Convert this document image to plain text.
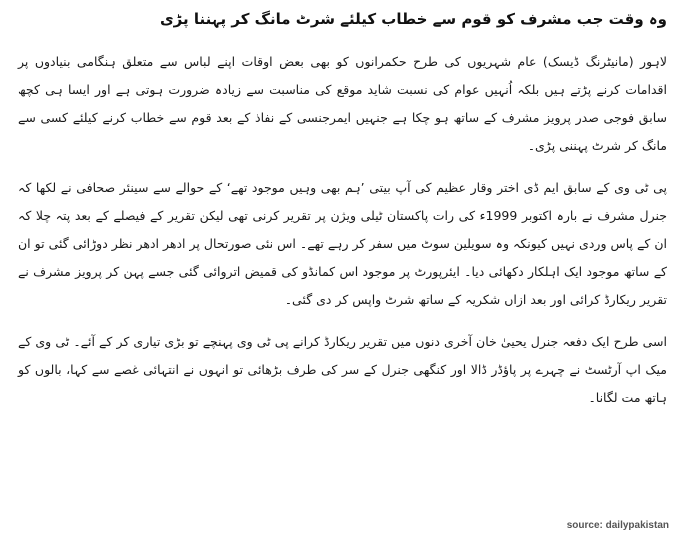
وہ وقت جب مشرف کو قوم سے خطاب کیلئے شرٹ مانگ کر پہننا پڑی

لاہور (مانیٹرنگ ڈیسک) عام شہریوں کی طرح حکمرانوں کو بھی بعض اوقات اپنے لباس سے متعلق ہنگامی بنیادوں پر اقدامات کرنے پڑتے ہیں بلکہ اُنہیں عوام کی نسبت شاید موقع کی مناسبت سے زیادہ ضرورت ہوتی ہے اور ایسا ہی کچھ سابق فوجی صدر پرویز مشرف کے ساتھ ہو چکا ہے جنہیں ایمرجنسی کے نفاذ کے بعد قوم سے خطاب کرنے کیلئے کسی سے مانگ کر شرٹ پہننی پڑی۔

پی ٹی وی کے سابق ایم ڈی اختر وقار عظیم کی آپ بیتی ’ہم بھی وہیں موجود تھے‘ کے حوالے سے سینئر صحافی نے لکھا کہ جنرل مشرف نے بارہ اکتوبر 1999ء کی رات پاکستان ٹیلی ویژن پر تقریر کرنی تھی لیکن تقریر کے فیصلے کے بعد پتہ چلا کہ ان کے پاس وردی نہیں کیونکہ وہ سویلین سوٹ میں سفر کر رہے تھے۔ اس نئی صورتحال پر ادھر ادھر نظر دوڑائی گئی تو ان کے ساتھ موجود ایک اہلکار دکھائی دیا۔ ایئرپورٹ پر موجود اس کمانڈو کی قمیض اتروائی گئی جسے پہن کر پرویز مشرف نے تقریر ریکارڈ کرائی اور بعد ازاں شکریہ کے ساتھ شرٹ واپس کر دی گئی۔

اسی طرح ایک دفعہ جنرل یحییٰ خان آخری دنوں میں تقریر ریکارڈ کرانے پی ٹی وی پہنچے تو بڑی تیاری کر کے آئے۔ ٹی وی کے میک اپ آرٹسٹ نے چہرے پر پاؤڈر ڈالا اور کنگھی جنرل کے سر کی طرف بڑھائی تو انہوں نے انتہائی غصے سے کہا، بالوں کو ہاتھ مت لگانا۔

source: dailypakistan
